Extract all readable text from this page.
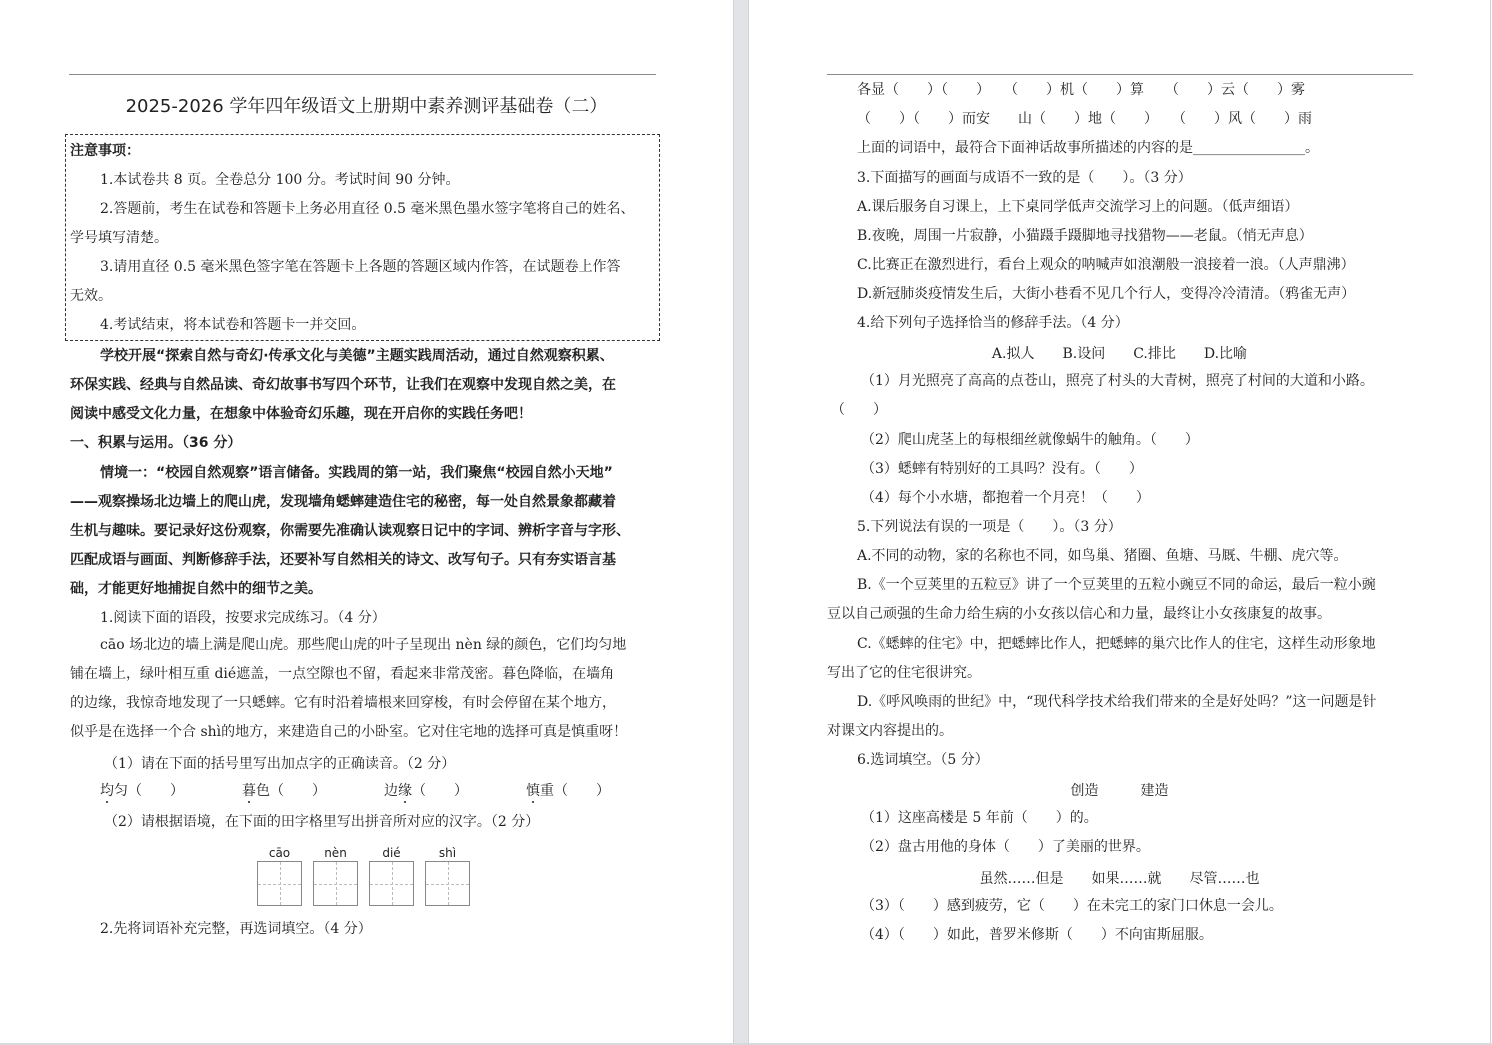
2025-2026 学年四年级语文上册期中素养测评基础卷（二）
注意事项：
1.本试卷共 8 页。全卷总分 100 分。考试时间 90 分钟。
2.答题前，考生在试卷和答题卡上务必用直径 0.5 毫米黑色墨水签字笔将自己的姓名、
学号填写清楚。
3.请用直径 0.5 毫米黑色签字笔在答题卡上各题的答题区域内作答，在试题卷上作答
无效。
4.考试结束，将本试卷和答题卡一并交回。
学校开展“探索自然与奇幻·传承文化与美德”主题实践周活动，通过自然观察积累、
环保实践、经典与自然品读、奇幻故事书写四个环节，让我们在观察中发现自然之美，在
阅读中感受文化力量，在想象中体验奇幻乐趣，现在开启你的实践任务吧！
一、积累与运用。（36 分）
情境一：“校园自然观察”语言储备。实践周的第一站，我们聚焦“校园自然小天地”
——观察操场北边墙上的爬山虎，发现墙角蟋蟀建造住宅的秘密，每一处自然景象都藏着
生机与趣味。要记录好这份观察，你需要先准确认读观察日记中的字词、辨析字音与字形、
匹配成语与画面、判断修辞手法，还要补写自然相关的诗文、改写句子。只有夯实语言基
础，才能更好地捕捉自然中的细节之美。
1.阅读下面的语段，按要求完成练习。（4 分）
cāo 场北边的墙上满是爬山虎。那些爬山虎的叶子呈现出 nèn 绿的颜色，它们均匀地
铺在墙上，绿叶相互重 dié遮盖，一点空隙也不留，看起来非常茂密。暮色降临，在墙角
的边缘，我惊奇地发现了一只蟋蟀。它有时沿着墙根来回穿梭，有时会停留在某个地方，
似乎是在选择一个合 shì的地方，来建造自己的小卧室。它对住宅地的选择可真是慎重呀！
（1）请在下面的括号里写出加点字的正确读音。（2 分）
均匀（　　）	暮色（　　）	边缘（　　）	慎重（　　）
（2）请根据语境，在下面的田字格里写出拼音所对应的汉字。（2 分）
cāo	nèn	dié	shì
2.先将词语补充完整，再选词填空。（4 分）
各显（　　）（　　）　　（　　）机（　　）算　　（　　）云（　　）雾
（　　）（　　）而安　　山（　　）地（　　）　　（　　）风（　　）雨
上面的词语中，最符合下面神话故事所描述的内容的是________________。
3.下面描写的画面与成语不一致的是（　　）。（3 分）
A.课后服务自习课上，上下桌同学低声交流学习上的问题。（低声细语）
B.夜晚，周围一片寂静，小猫蹑手蹑脚地寻找猎物——老鼠。（悄无声息）
C.比赛正在激烈进行，看台上观众的呐喊声如浪潮般一浪接着一浪。（人声鼎沸）
D.新冠肺炎疫情发生后，大街小巷看不见几个行人，变得冷冷清清。（鸦雀无声）
4.给下列句子选择恰当的修辞手法。（4 分）
A.拟人　　B.设问　　C.排比　　D.比喻
（1）月光照亮了高高的点苍山，照亮了村头的大青树，照亮了村间的大道和小路。
（　　）
（2）爬山虎茎上的每根细丝就像蜗牛的触角。（　　）
（3）蟋蟀有特别好的工具吗？没有。（　　）
（4）每个小水塘，都抱着一个月亮！（　　）
5.下列说法有误的一项是（　　）。（3 分）
A.不同的动物，家的名称也不同，如鸟巢、猪圈、鱼塘、马厩、牛棚、虎穴等。
B.《一个豆荚里的五粒豆》讲了一个豆荚里的五粒小豌豆不同的命运，最后一粒小豌
豆以自己顽强的生命力给生病的小女孩以信心和力量，最终让小女孩康复的故事。
C.《蟋蟀的住宅》中，把蟋蟀比作人，把蟋蟀的巢穴比作人的住宅，这样生动形象地
写出了它的住宅很讲究。
D.《呼风唤雨的世纪》中，“现代科学技术给我们带来的全是好处吗？”这一问题是针
对课文内容提出的。
6.选词填空。（5 分）
创造　　　建造
（1）这座高楼是 5 年前（　　）的。
（2）盘古用他的身体（　　）了美丽的世界。
虽然……但是　　如果……就　　尽管……也
（3）（　　）感到疲劳，它（　　）在未完工的家门口休息一会儿。
（4）（　　）如此，普罗米修斯（　　）不向宙斯屈服。
